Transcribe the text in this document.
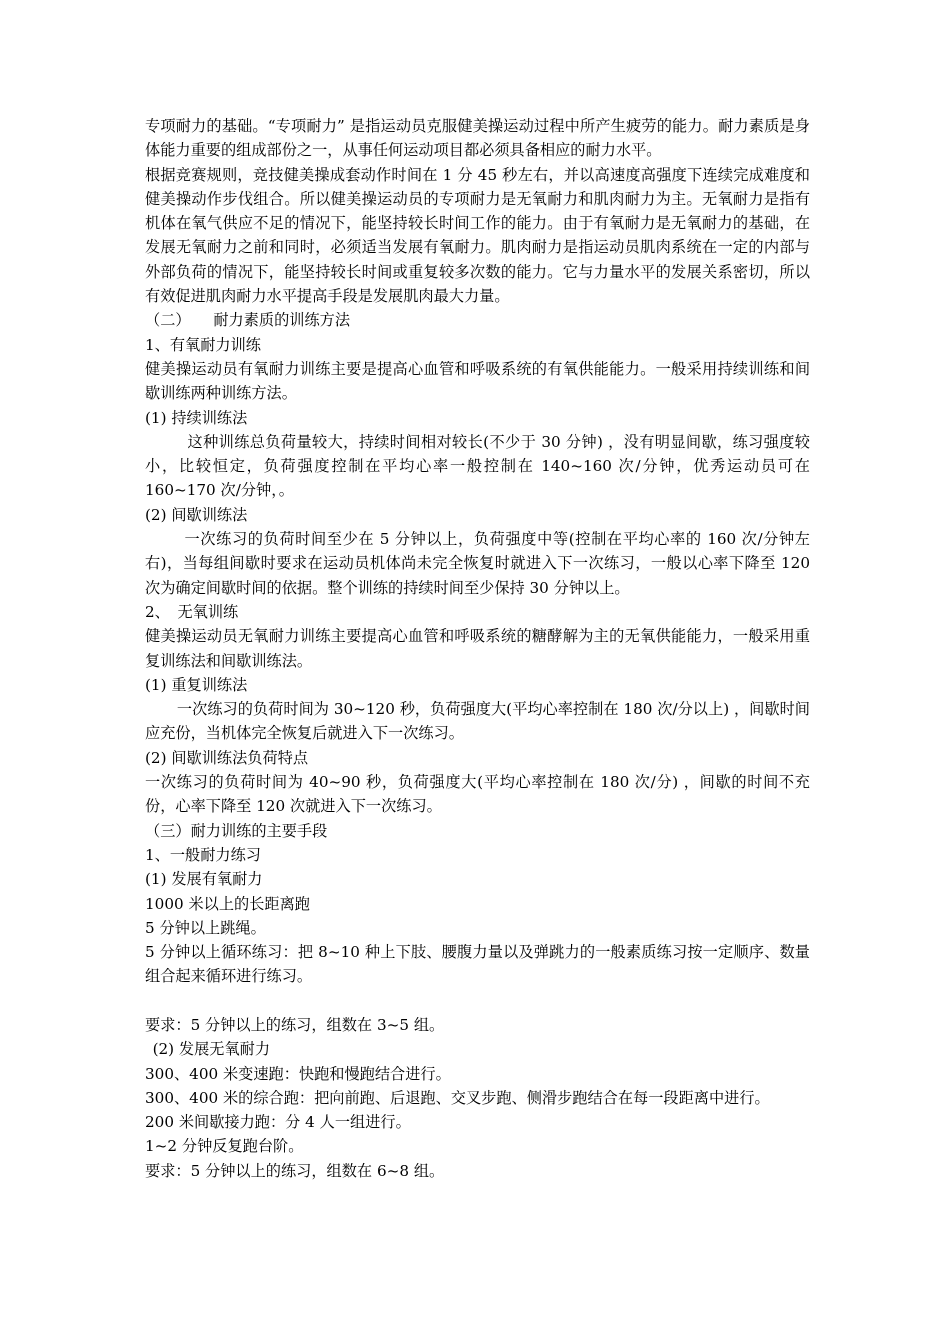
专项耐力的基础。“专项耐力” 是指运动员克服健美操运动过程中所产生疲劳的能力。耐力素质是身体能力重要的组成部份之一，从事任何运动项目都必须具备相应的耐力水平。

根据竞赛规则，竞技健美操成套动作时间在 1 分 45 秒左右，并以高速度高强度下连续完成难度和健美操动作步伐组合。所以健美操运动员的专项耐力是无氧耐力和肌肉耐力为主。无氧耐力是指有机体在氧气供应不足的情况下，能坚持较长时间工作的能力。由于有氧耐力是无氧耐力的基础，在发展无氧耐力之前和同时，必须适当发展有氧耐力。肌肉耐力是指运动员肌肉系统在一定的内部与外部负荷的情况下，能坚持较长时间或重复较多次数的能力。它与力量水平的发展关系密切，所以有效促进肌肉耐力水平提高手段是发展肌肉最大力量。

（二）　　耐力素质的训练方法

1、有氧耐力训练

健美操运动员有氧耐力训练主要是提高心血管和呼吸系统的有氧供能能力。一般采用持续训练和间歇训练两种训练方法。

(1) 持续训练法

这种训练总负荷量较大，持续时间相对较长(不少于 30 分钟) ，没有明显间歇，练习强度较小，比较恒定，负荷强度控制在平均心率一般控制在 140~160 次/分钟，优秀运动员可在 160~170 次/分钟，。

(2) 间歇训练法

一次练习的负荷时间至少在 5 分钟以上，负荷强度中等(控制在平均心率的 160 次/分钟左右)，当每组间歇时要求在运动员机体尚未完全恢复时就进入下一次练习，一般以心率下降至 120 次为确定间歇时间的依据。整个训练的持续时间至少保持 30 分钟以上。

2、　无氧训练

健美操运动员无氧耐力训练主要提高心血管和呼吸系统的糖酵解为主的无氧供能能力，一般采用重复训练法和间歇训练法。

(1) 重复训练法

一次练习的负荷时间为 30~120 秒，负荷强度大(平均心率控制在 180 次/分以上) ，间歇时间应充份，当机体完全恢复后就进入下一次练习。

(2) 间歇训练法负荷特点

一次练习的负荷时间为 40~90 秒，负荷强度大(平均心率控制在 180 次/分) ，间歇的时间不充份，心率下降至 120 次就进入下一次练习。

（三）耐力训练的主要手段

1、一般耐力练习

(1) 发展有氧耐力

1000 米以上的长距离跑

5 分钟以上跳绳。

5 分钟以上循环练习：把 8~10 种上下肢、腰腹力量以及弹跳力的一般素质练习按一定顺序、数量组合起来循环进行练习。

要求：5 分钟以上的练习，组数在 3~5 组。

(2) 发展无氧耐力

300、400 米变速跑：快跑和慢跑结合进行。

300、400 米的综合跑：把向前跑、后退跑、交叉步跑、侧滑步跑结合在每一段距离中进行。

200 米间歇接力跑：分 4 人一组进行。

1~2 分钟反复跑台阶。

要求：5 分钟以上的练习，组数在 6~8 组。
